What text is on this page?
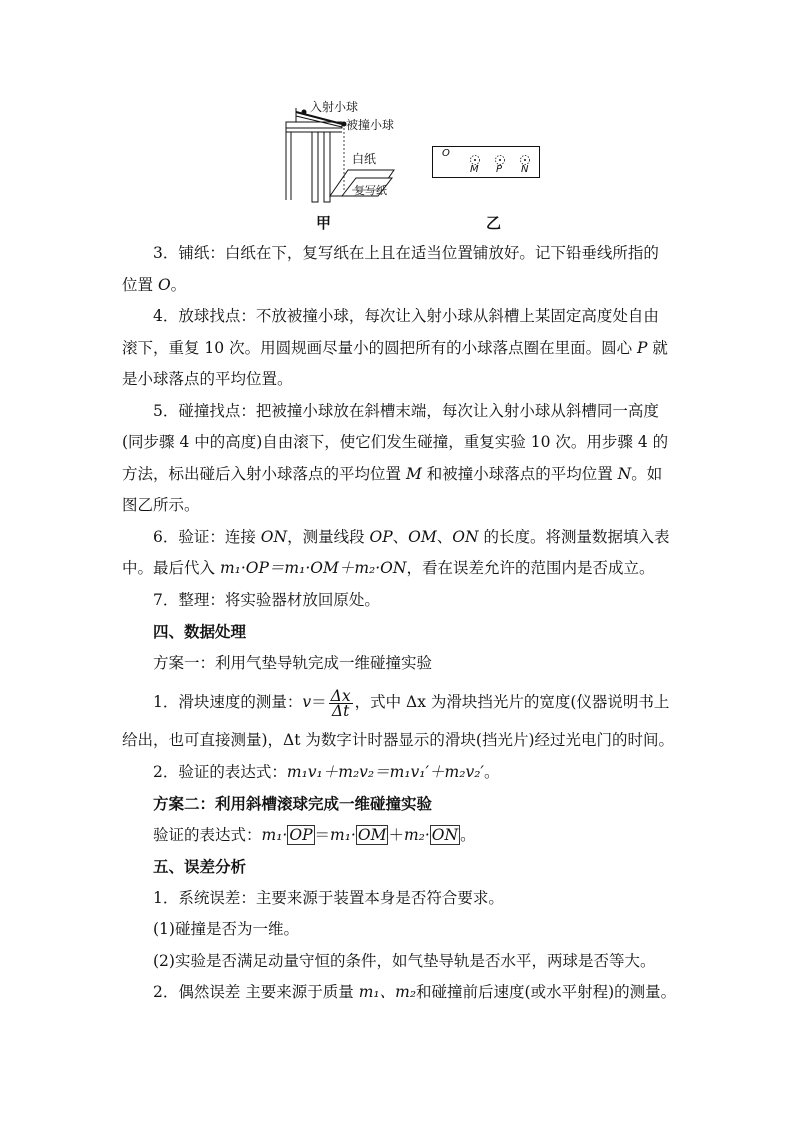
入射小球
被撞小球
白纸
复写纸
甲
O
M P N
乙
3．铺纸：白纸在下，复写纸在上且在适当位置铺放好。记下铅垂线所指的
位置 O。
4．放球找点：不放被撞小球，每次让入射小球从斜槽上某固定高度处自由
滚下，重复 10 次。用圆规画尽量小的圆把所有的小球落点圈在里面。圆心 P 就
是小球落点的平均位置。
5．碰撞找点：把被撞小球放在斜槽末端，每次让入射小球从斜槽同一高度
(同步骤 4 中的高度)自由滚下，使它们发生碰撞，重复实验 10 次。用步骤 4 的
方法，标出碰后入射小球落点的平均位置 M 和被撞小球落点的平均位置 N。如
图乙所示。
6．验证：连接 ON，测量线段 OP、OM、ON 的长度。将测量数据填入表
中。最后代入 m₁·OP＝m₁·OM＋m₂·ON，看在误差允许的范围内是否成立。
7．整理：将实验器材放回原处。
四、数据处理
方案一：利用气垫导轨完成一维碰撞实验
1．滑块速度的测量：$v= \frac{\Delta x}{\Delta t}$ ，式中 Δx 为滑块挡光片的宽度(仪器说明书上
给出，也可直接测量)，Δt 为数字计时器显示的滑块(挡光片)经过光电门的时间。
2．验证的表达式：m₁v₁＋m₂v₂＝m₁v₁′＋m₂v₂′。
方案二：利用斜槽滚球完成一维碰撞实验
验证的表达式：m₁· OP ＝m₁· OM ＋m₂· ON 。
五、误差分析
1．系统误差：主要来源于装置本身是否符合要求。
(1)碰撞是否为一维。
(2)实验是否满足动量守恒的条件，如气垫导轨是否水平，两球是否等大。
2．偶然误差 主要来源于质量 m₁、m₂和碰撞前后速度(或水平射程)的测量。
